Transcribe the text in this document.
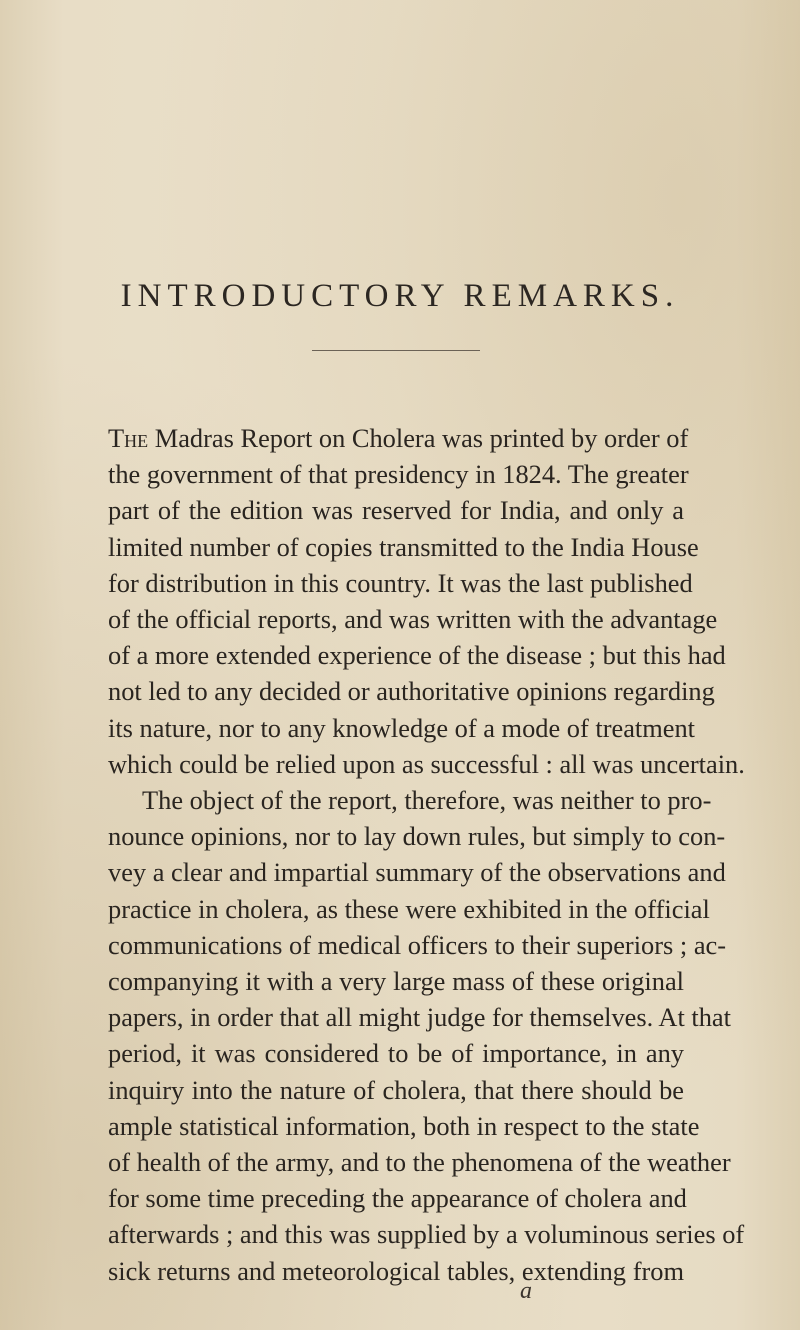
INTRODUCTORY REMARKS.
The Madras Report on Cholera was printed by order of
the government of that presidency in 1824. The greater
part of the edition was reserved for India, and only a
limited number of copies transmitted to the India House
for distribution in this country. It was the last published
of the official reports, and was written with the advantage
of a more extended experience of the disease ; but this had
not led to any decided or authoritative opinions regarding
its nature, nor to any knowledge of a mode of treatment
which could be relied upon as successful : all was uncertain.
The object of the report, therefore, was neither to pro-
nounce opinions, nor to lay down rules, but simply to con-
vey a clear and impartial summary of the observations and
practice in cholera, as these were exhibited in the official
communications of medical officers to their superiors ; ac-
companying it with a very large mass of these original
papers, in order that all might judge for themselves. At that
period, it was considered to be of importance, in any
inquiry into the nature of cholera, that there should be
ample statistical information, both in respect to the state
of health of the army, and to the phenomena of the weather
for some time preceding the appearance of cholera and
afterwards ; and this was supplied by a voluminous series of
sick returns and meteorological tables, extending from
a
